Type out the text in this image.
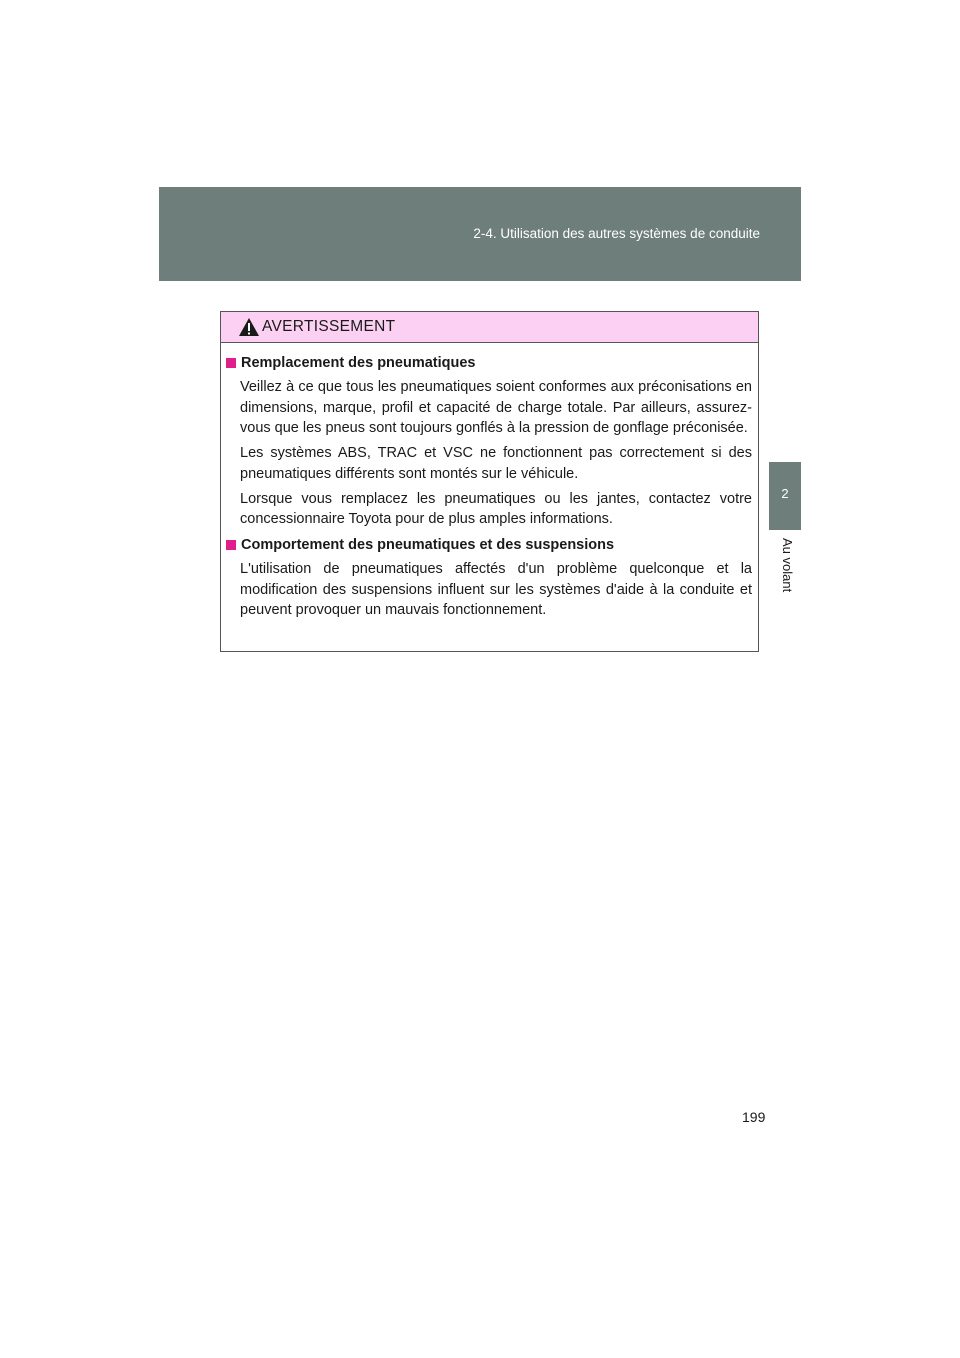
2-4. Utilisation des autres systèmes de conduite
2
Au volant
AVERTISSEMENT
Remplacement des pneumatiques

Veillez à ce que tous les pneumatiques soient conformes aux préconisations en dimensions, marque, profil et capacité de charge totale. Par ailleurs, assurez-vous que les pneus sont toujours gonflés à la pression de gonflage préconisée.

Les systèmes ABS, TRAC et VSC ne fonctionnent pas correctement si des pneumatiques différents sont montés sur le véhicule.

Lorsque vous remplacez les pneumatiques ou les jantes, contactez votre concessionnaire Toyota pour de plus amples informations.

Comportement des pneumatiques et des suspensions

L'utilisation de pneumatiques affectés d'un problème quelconque et la modification des suspensions influent sur les systèmes d'aide à la conduite et peuvent provoquer un mauvais fonctionnement.

199
